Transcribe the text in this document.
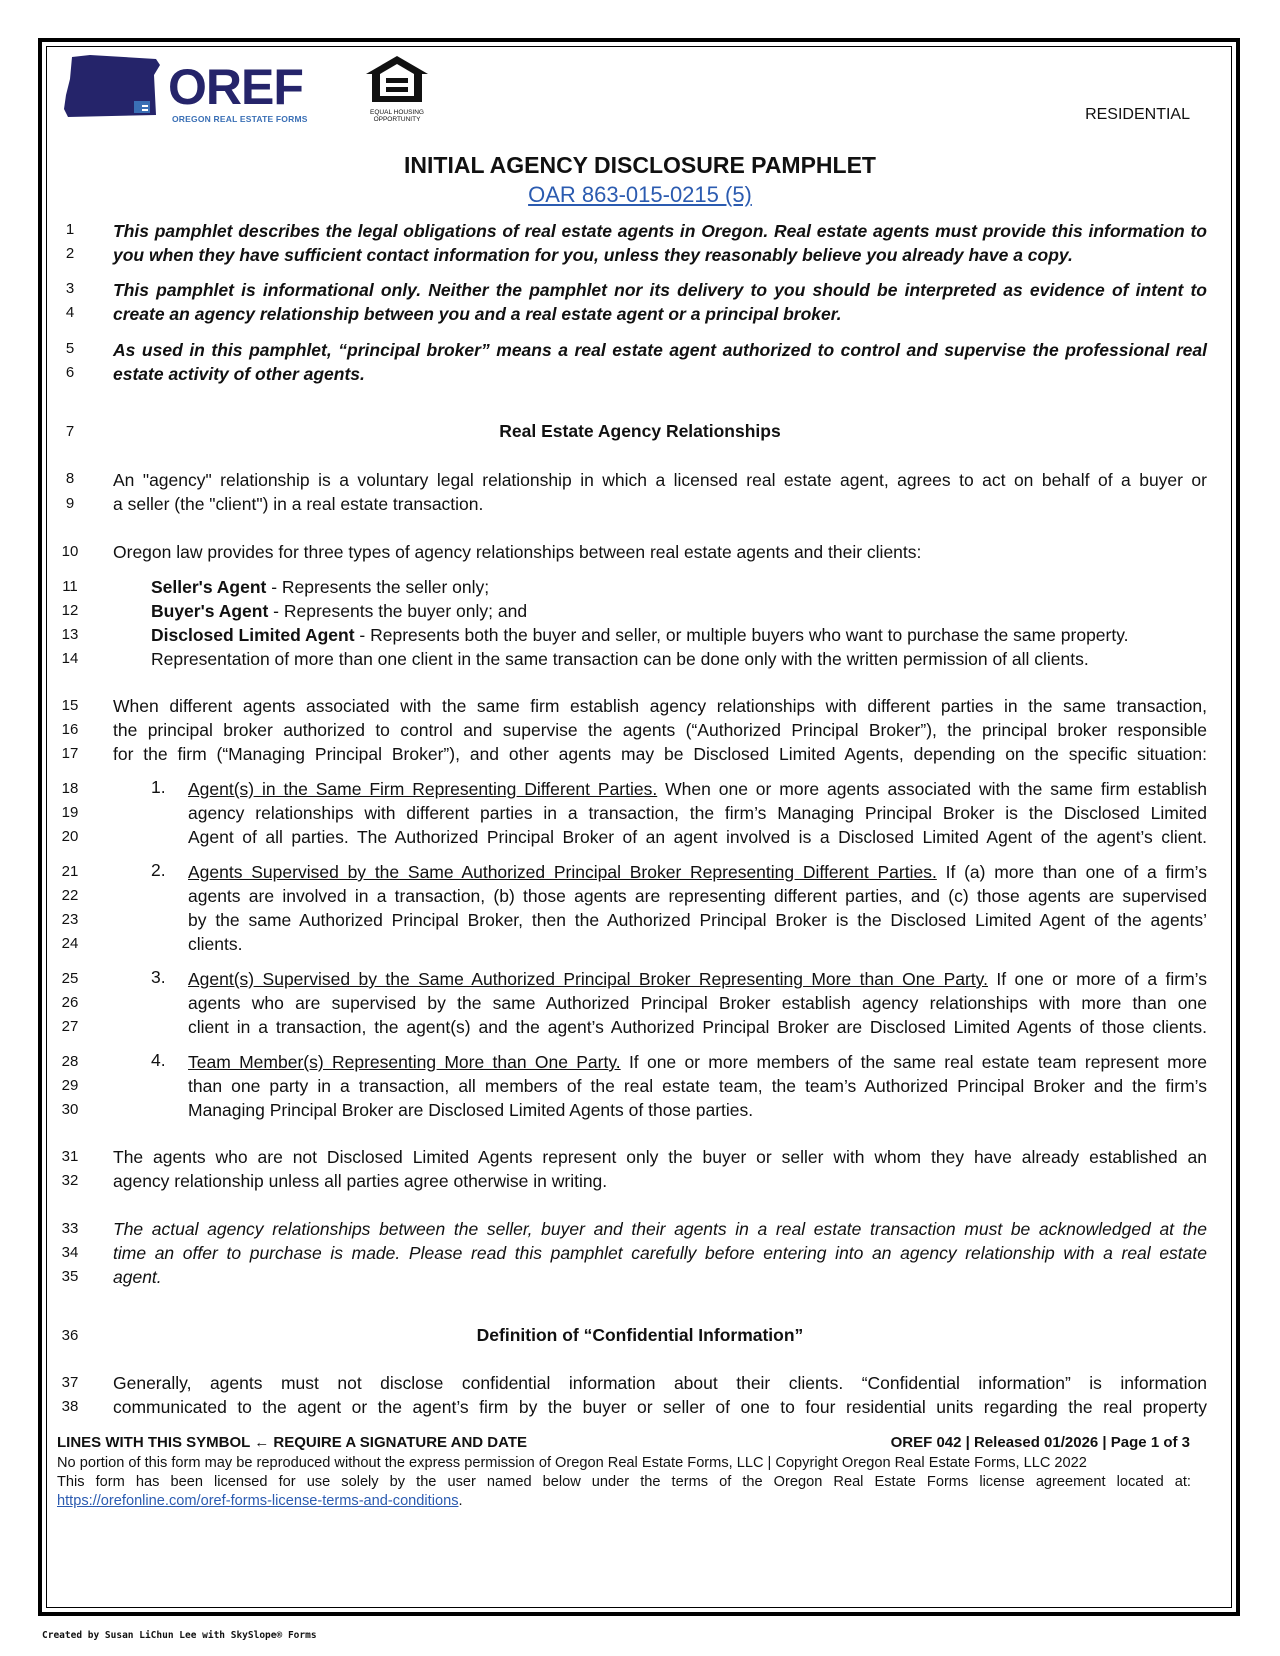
OREF
OREGON REAL ESTATE FORMS
EQUAL HOUSING OPPORTUNITY	RESIDENTIAL
INITIAL AGENCY DISCLOSURE PAMPHLET
OAR 863-015-0215 (5)
1
2
3
4
5
6
7
8
9
10
11
12
13
14
15
16
17
18
19
20
21
22
23
24
25
26
27
28
29
30
31
32
33
34
35
36
37
38
This pamphlet describes the legal obligations of real estate agents in Oregon. Real estate agents must provide this information to
you when they have sufficient contact information for you, unless they reasonably believe you already have a copy.
This pamphlet is informational only. Neither the pamphlet nor its delivery to you should be interpreted as evidence of intent to
create an agency relationship between you and a real estate agent or a principal broker.
As used in this pamphlet, “principal broker” means a real estate agent authorized to control and supervise the professional real
estate activity of other agents.
Real Estate Agency Relationships
An "agency" relationship is a voluntary legal relationship in which a licensed real estate agent, agrees to act on behalf of a buyer or
a seller (the "client") in a real estate transaction.
Oregon law provides for three types of agency relationships between real estate agents and their clients:
Seller's Agent - Represents the seller only;
Buyer's Agent - Represents the buyer only; and
Disclosed Limited Agent - Represents both the buyer and seller, or multiple buyers who want to purchase the same property.
Representation of more than one client in the same transaction can be done only with the written permission of all clients.
When different agents associated with the same firm establish agency relationships with different parties in the same transaction,
the principal broker authorized to control and supervise the agents (“Authorized Principal Broker”), the principal broker responsible
for the firm (“Managing Principal Broker”), and other agents may be Disclosed Limited Agents, depending on the specific situation:
1. Agent(s) in the Same Firm Representing Different Parties. When one or more agents associated with the same firm establish
agency relationships with different parties in a transaction, the firm’s Managing Principal Broker is the Disclosed Limited
Agent of all parties. The Authorized Principal Broker of an agent involved is a Disclosed Limited Agent of the agent’s client.
2. Agents Supervised by the Same Authorized Principal Broker Representing Different Parties. If (a) more than one of a firm’s
agents are involved in a transaction, (b) those agents are representing different parties, and (c) those agents are supervised
by the same Authorized Principal Broker, then the Authorized Principal Broker is the Disclosed Limited Agent of the agents’
clients.
3. Agent(s) Supervised by the Same Authorized Principal Broker Representing More than One Party. If one or more of a firm’s
agents who are supervised by the same Authorized Principal Broker establish agency relationships with more than one
client in a transaction, the agent(s) and the agent’s Authorized Principal Broker are Disclosed Limited Agents of those clients.
4. Team Member(s) Representing More than One Party. If one or more members of the same real estate team represent more
than one party in a transaction, all members of the real estate team, the team’s Authorized Principal Broker and the firm’s
Managing Principal Broker are Disclosed Limited Agents of those parties.
The agents who are not Disclosed Limited Agents represent only the buyer or seller with whom they have already established an
agency relationship unless all parties agree otherwise in writing.
The actual agency relationships between the seller, buyer and their agents in a real estate transaction must be acknowledged at the
time an offer to purchase is made. Please read this pamphlet carefully before entering into an agency relationship with a real estate
agent.
Definition of “Confidential Information”
Generally, agents must not disclose confidential information about their clients. “Confidential information” is information
communicated to the agent or the agent’s firm by the buyer or seller of one to four residential units regarding the real property
LINES WITH THIS SYMBOL ← REQUIRE A SIGNATURE AND DATE	OREF 042 | Released 01/2026 | Page 1 of 3
No portion of this form may be reproduced without the express permission of Oregon Real Estate Forms, LLC | Copyright Oregon Real Estate Forms, LLC 2022
This form has been licensed for use solely by the user named below under the terms of the Oregon Real Estate Forms license agreement located at:
https://orefonline.com/oref-forms-license-terms-and-conditions.
Created by Susan LiChun Lee with SkySlope® Forms
